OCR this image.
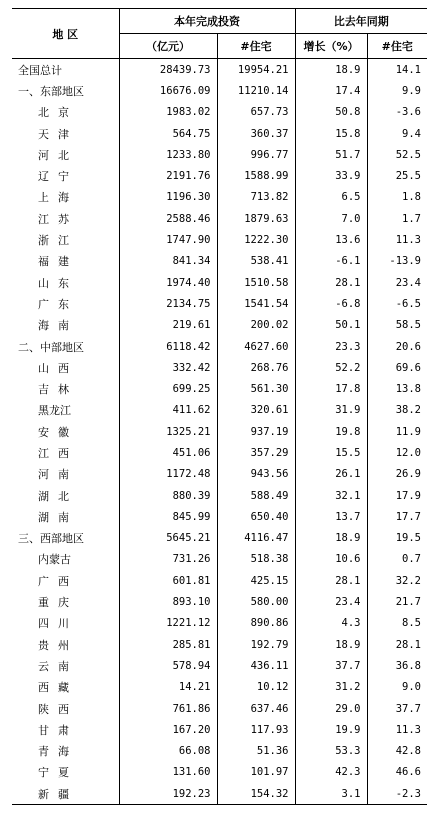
地 区	本年完成投资		比去年同期	
	（亿元）	#住宅	增长（%）	#住宅
全国总计	28439.73	19954.21	18.9	14.1
一、东部地区	16676.09	11210.14	17.4	9.9
北京	1983.02	657.73	50.8	-3.6
天津	564.75	360.37	15.8	9.4
河北	1233.80	996.77	51.7	52.5
辽宁	2191.76	1588.99	33.9	25.5
上海	1196.30	713.82	6.5	1.8
江苏	2588.46	1879.63	7.0	1.7
浙江	1747.90	1222.30	13.6	11.3
福建	841.34	538.41	-6.1	-13.9
山东	1974.40	1510.58	28.1	23.4
广东	2134.75	1541.54	-6.8	-6.5
海南	219.61	200.02	50.1	58.5
二、中部地区	6118.42	4627.60	23.3	20.6
山西	332.42	268.76	52.2	69.6
吉林	699.25	561.30	17.8	13.8
黑龙江	411.62	320.61	31.9	38.2
安徽	1325.21	937.19	19.8	11.9
江西	451.06	357.29	15.5	12.0
河南	1172.48	943.56	26.1	26.9
湖北	880.39	588.49	32.1	17.9
湖南	845.99	650.40	13.7	17.7
三、西部地区	5645.21	4116.47	18.9	19.5
内蒙古	731.26	518.38	10.6	0.7
广西	601.81	425.15	28.1	32.2
重庆	893.10	580.00	23.4	21.7
四川	1221.12	890.86	4.3	8.5
贵州	285.81	192.79	18.9	28.1
云南	578.94	436.11	37.7	36.8
西藏	14.21	10.12	31.2	9.0
陕西	761.86	637.46	29.0	37.7
甘肃	167.20	117.93	19.9	11.3
青海	66.08	51.36	53.3	42.8
宁夏	131.60	101.97	42.3	46.6
新疆	192.23	154.32	3.1	-2.3
